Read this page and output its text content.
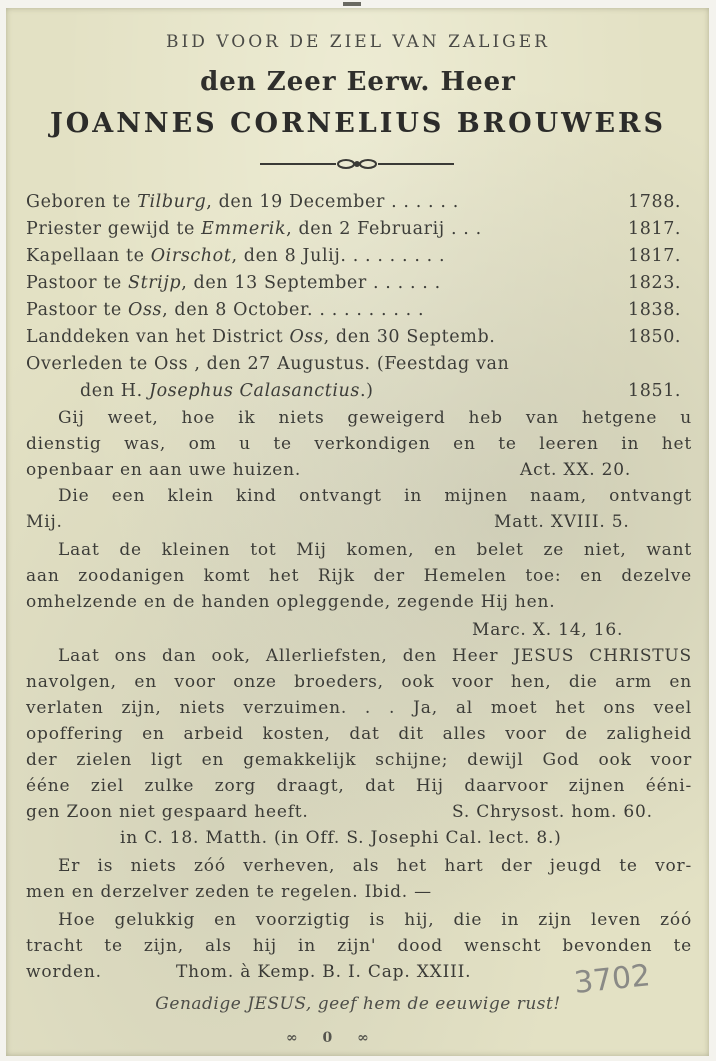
BID VOOR DE ZIEL VAN ZALIGER
den Zeer Eerw. Heer
JOANNES CORNELIUS BROUWERS
Geboren te Tilburg, den 19 December . . . . . .	1788.
Priester gewijd te Emmerik, den 2 Februarij . . .	1817.
Kapellaan te Oirschot, den 8 Julij. . . . . . . . .	1817.
Pastoor te Strijp, den 13 September . . . . . .	1823.
Pastoor te Oss, den 8 October. . . . . . . . . .	1838.
Landdeken van het District Oss, den 30 Septemb.	1850.
Overleden te Oss , den 27 Augustus. (Feestdag van
den H. Josephus Calasanctius.)	1851.
Gij weet, hoe ik niets geweigerd heb van hetgene u
dienstig was, om u te verkondigen en te leeren in het
openbaar en aan uwe huizen.	Act. XX. 20.
Die een klein kind ontvangt in mijnen naam, ontvangt
Mij.	Matt. XVIII. 5.
Laat de kleinen tot Mij komen, en belet ze niet, want
aan zoodanigen komt het Rijk der Hemelen toe: en dezelve
omhelzende en de handen opleggende, zegende Hij hen.
Marc. X. 14, 16.
Laat ons dan ook, Allerliefsten, den Heer JESUS CHRISTUS
navolgen, en voor onze broeders, ook voor hen, die arm en
verlaten zijn, niets verzuimen. . . Ja, al moet het ons veel
opoffering en arbeid kosten, dat dit alles voor de zaligheid
der zielen ligt en gemakkelijk schijne; dewijl God ook voor
ééne ziel zulke zorg draagt, dat Hij daarvoor zijnen ééni-
gen Zoon niet gespaard heeft.	S. Chrysost. hom. 60.
in C. 18. Matth. (in Off. S. Josephi Cal. lect. 8.)
Er is niets zóó verheven, als het hart der jeugd te vor-
men en derzelver zeden te regelen. Ibid. —
Hoe gelukkig en voorzigtig is hij, die in zijn leven zóó
tracht te zijn, als hij in zijn' dood wenscht bevonden te
worden.	Thom. à Kemp. B. I. Cap. XXIII.	3702
Genadige JESUS, geef hem de eeuwige rust!
∞ 0 ∞
